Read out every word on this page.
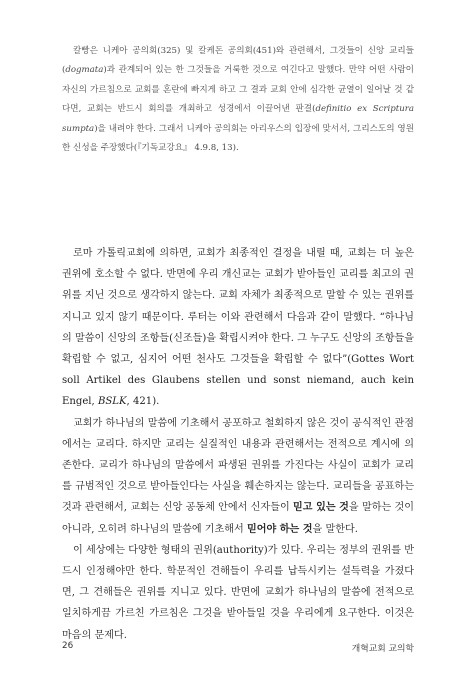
칼빵은 니케아 공의회(325) 및 칼케돈 공의회(451)와 관련해서, 그것들이 신앙 교리들(dogmata)과 관계되어 있는 한 그것들을 거룩한 것으로 여긴다고 말했다. 만약 어떤 사람이 자신의 가르침으로 교회를 혼란에 빠지게 하고 그 결과 교회 안에 심각한 균열이 일어날 것 같다면, 교회는 반드시 회의를 개최하고 성경에서 이끌어낸 판결(definitio ex Scriptura sumpta)을 내려야 한다. 그래서 니케아 공의회는 아리우스의 입장에 맞서서, 그리스도의 영원한 신성을 주장했다(『기독교강요』 4.9.8, 13).

로마 가톨릭교회에 의하면, 교회가 최종적인 결정을 내릴 때, 교회는 더 높은 권위에 호소할 수 없다. 반면에 우리 개신교는 교회가 받아들인 교리를 최고의 권위를 지닌 것으로 생각하지 않는다. 교회 자체가 최종적으로 말할 수 있는 권위를 지니고 있지 않기 때문이다. 루터는 이와 관련해서 다음과 같이 말했다. “하나님의 말씀이 신앙의 조항들(신조들)을 확립시켜야 한다. 그 누구도 신앙의 조항들을 확립할 수 없고, 심지어 어떤 천사도 그것들을 확립할 수 없다”(Gottes Wort soll Artikel des Glaubens stellen und sonst niemand, auch kein Engel, BSLK, 421).

교회가 하나님의 말씀에 기초해서 공포하고 철회하지 않은 것이 공식적인 관점에서는 교리다. 하지만 교리는 실질적인 내용과 관련해서는 전적으로 계시에 의존한다. 교리가 하나님의 말씀에서 파생된 권위를 가진다는 사실이 교회가 교리를 규범적인 것으로 받아들인다는 사실을 훼손하지는 않는다. 교리들을 공표하는 것과 관련해서, 교회는 신앙 공동체 안에서 신자들이 믿고 있는 것을 말하는 것이 아니라, 오히려 하나님의 말씀에 기초해서 믿어야 하는 것을 말한다.

이 세상에는 다양한 형태의 권위(authority)가 있다. 우리는 정부의 권위를 반드시 인정해야만 한다. 학문적인 견해들이 우리를 납득시키는 설득력을 가졌다면, 그 견해들은 권위를 지니고 있다. 반면에 교회가 하나님의 말씀에 전적으로 일치하게끔 가르친 가르침은 그것을 받아들일 것을 우리에게 요구한다. 이것은 마음의 문제다.

26	개혁교회 교의학
